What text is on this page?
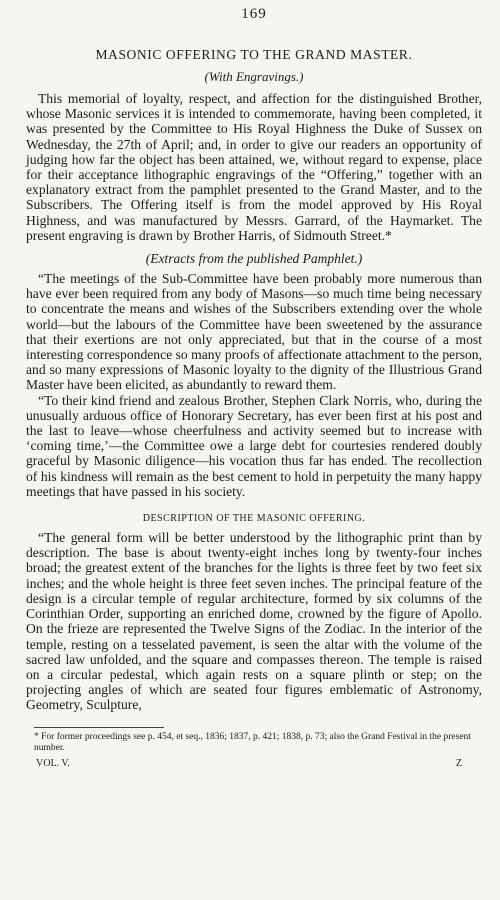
169
MASONIC OFFERING TO THE GRAND MASTER.
(With Engravings.)

This memorial of loyalty, respect, and affection for the distinguished Brother, whose Masonic services it is intended to commemorate, having been completed, it was presented by the Committee to His Royal Highness the Duke of Sussex on Wednesday, the 27th of April; and, in order to give our readers an opportunity of judging how far the object has been attained, we, without regard to expense, place for their acceptance lithographic engravings of the “Offering,” together with an explanatory extract from the pamphlet presented to the Grand Master, and to the Subscribers. The Offering itself is from the model approved by His Royal Highness, and was manufactured by Messrs. Garrard, of the Haymarket. The present engraving is drawn by Brother Harris, of Sidmouth Street.*

(Extracts from the published Pamphlet.)

“The meetings of the Sub-Committee have been probably more numerous than have ever been required from any body of Masons—so much time being necessary to concentrate the means and wishes of the Subscribers extending over the whole world—but the labours of the Committee have been sweetened by the assurance that their exertions are not only appreciated, but that in the course of a most interesting correspondence so many proofs of affectionate attachment to the person, and so many expressions of Masonic loyalty to the dignity of the Illustrious Grand Master have been elicited, as abundantly to reward them.

“To their kind friend and zealous Brother, Stephen Clark Norris, who, during the unusually arduous office of Honorary Secretary, has ever been first at his post and the last to leave—whose cheerfulness and activity seemed but to increase with ‘coming time,’—the Committee owe a large debt for courtesies rendered doubly graceful by Masonic diligence—his vocation thus far has ended. The recollection of his kindness will remain as the best cement to hold in perpetuity the many happy meetings that have passed in his society.

DESCRIPTION OF THE MASONIC OFFERING.

“The general form will be better understood by the lithographic print than by description. The base is about twenty-eight inches long by twenty-four inches broad; the greatest extent of the branches for the lights is three feet by two feet six inches; and the whole height is three feet seven inches. The principal feature of the design is a circular temple of regular architecture, formed by six columns of the Corinthian Order, supporting an enriched dome, crowned by the figure of Apollo. On the frieze are represented the Twelve Signs of the Zodiac. In the interior of the temple, resting on a tesselated pavement, is seen the altar with the volume of the sacred law unfolded, and the square and compasses thereon. The temple is raised on a circular pedestal, which again rests on a square plinth or step; on the projecting angles of which are seated four figures emblematic of Astronomy, Geometry, Sculpture,

* For former proceedings see p. 454, et seq., 1836; 1837, p. 421; 1838, p. 73; also the Grand Festival in the present number.
VOL. V.	Z
